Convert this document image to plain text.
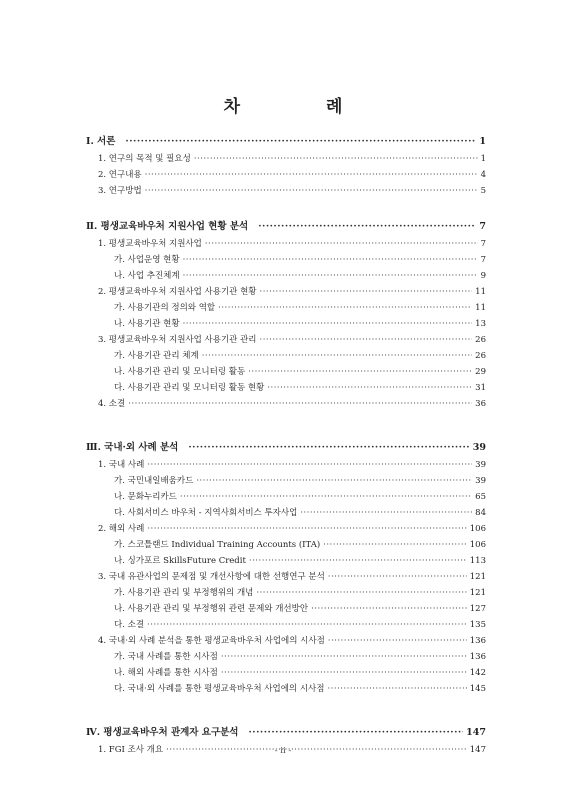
차 례
Ⅰ. 서론 ·····	1
1. 연구의 목적 및 필요성 ·····	1
2. 연구내용 ·····	4
3. 연구방법 ·····	5
Ⅱ. 평생교육바우처 지원사업 현황 분석 ·····	7
1. 평생교육바우처 지원사업 ·····	7
가. 사업운영 현황 ·····	7
나. 사업 추진체계 ·····	9
2. 평생교육바우처 지원사업 사용기관 현황 ·····	11
가. 사용기관의 정의와 역할 ·····	11
나. 사용기관 현황 ·····	13
3. 평생교육바우처 지원사업 사용기관 관리 ·····	26
가. 사용기관 관리 체계 ·····	26
나. 사용기관 관리 및 모니터링 활동 ·····	29
다. 사용기관 관리 및 모니터링 활동 현황 ·····	31
4. 소결 ·····	36
Ⅲ. 국내·외 사례 분석 ·····	39
1. 국내 사례 ·····	39
가. 국민내일배움카드 ·····	39
나. 문화누리카드 ·····	65
다. 사회서비스 바우처 - 지역사회서비스 투자사업 ·····	84
2. 해외 사례 ·····	106
가. 스코틀랜드 Individual Training Accounts (ITA) ·····	106
나. 싱가포르 SkillsFuture Credit ·····	113
3. 국내 유관사업의 문제점 및 개선사항에 대한 선행연구 분석 ·····	121
가. 사용기관 관리 및 부정행위의 개념 ·····	121
나. 사용기관 관리 및 부정행위 관련 문제와 개선방안 ·····	127
다. 소결 ·····	135
4. 국내·외 사례 분석을 통한 평생교육바우처 사업에의 시사점 ·····	136
가. 국내 사례를 통한 시사점 ·····	136
나. 해외 사례를 통한 시사점 ·····	142
다. 국내·외 사례를 통한 평생교육바우처 사업에의 시사점 ·····	145
Ⅳ. 평생교육바우처 관계자 요구분석 ·····	147
1. FGI 조사 개요 ·····	147
- ii -
